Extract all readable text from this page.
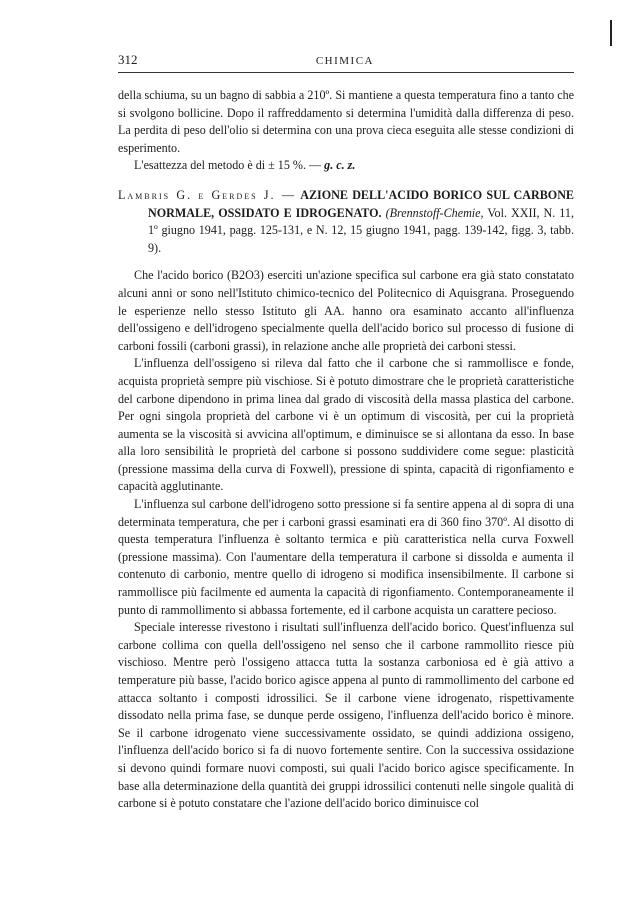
312	CHIMICA

della schiuma, su un bagno di sabbia a 210º. Si mantiene a questa temperatura fino a tanto che si svolgono bollicine. Dopo il raffreddamento si determina l'umidità dalla differenza di peso. La perdita di peso dell'olio si determina con una prova cieca eseguita alle stesse condizioni di esperimento.

L'esattezza del metodo è di ± 15 %. — g. c. z.

Lambris G. e Gerdes J. — AZIONE DELL'ACIDO BORICO SUL CARBONE NORMALE, OSSIDATO E IDROGENATO. (Brennstoff-Chemie, Vol. XXII, N. 11, 1º giugno 1941, pagg. 125-131, e N. 12, 15 giugno 1941, pagg. 139-142, figg. 3, tabb. 9).

Che l'acido borico (B2O3) eserciti un'azione specifica sul carbone era già stato constatato alcuni anni or sono nell'Istituto chimico-tecnico del Politecnico di Aquisgrana. Proseguendo le esperienze nello stesso Istituto gli AA. hanno ora esaminato accanto all'influenza dell'ossigeno e dell'idrogeno specialmente quella dell'acido borico sul processo di fusione di carboni fossili (carboni grassi), in relazione anche alle proprietà dei carboni stessi.

L'influenza dell'ossigeno si rileva dal fatto che il carbone che si rammollisce e fonde, acquista proprietà sempre più vischiose. Si è potuto dimostrare che le proprietà caratteristiche del carbone dipendono in prima linea dal grado di viscosità della massa plastica del carbone. Per ogni singola proprietà del carbone vi è un optimum di viscosità, per cui la proprietà aumenta se la viscosità si avvicina all'optimum, e diminuisce se si allontana da esso. In base alla loro sensibilità le proprietà del carbone si possono suddividere come segue: plasticità (pressione massima della curva di Foxwell), pressione di spinta, capacità di rigonfiamento e capacità agglutinante.

L'influenza sul carbone dell'idrogeno sotto pressione si fa sentire appena al di sopra di una determinata temperatura, che per i carboni grassi esaminati era di 360 fino 370º. Al disotto di questa temperatura l'influenza è soltanto termica e più caratteristica nella curva Foxwell (pressione massima). Con l'aumentare della temperatura il carbone si dissolda e aumenta il contenuto di carbonio, mentre quello di idrogeno si modifica insensibilmente. Il carbone si rammollisce più facilmente ed aumenta la capacità di rigonfiamento. Contemporaneamente il punto di rammollimento si abbassa fortemente, ed il carbone acquista un carattere pecioso.

Speciale interesse rivestono i risultati sull'influenza dell'acido borico. Quest'influenza sul carbone collima con quella dell'ossigeno nel senso che il carbone rammollito riesce più vischioso. Mentre però l'ossigeno attacca tutta la sostanza carboniosa ed è già attivo a temperature più basse, l'acido borico agisce appena al punto di rammollimento del carbone ed attacca soltanto i composti idrossilici. Se il carbone viene idrogenato, rispettivamente dissodato nella prima fase, se dunque perde ossigeno, l'influenza dell'acido borico è minore. Se il carbone idrogenato viene successivamente ossidato, se quindi addiziona ossigeno, l'influenza dell'acido borico si fa di nuovo fortemente sentire. Con la successiva ossidazione si devono quindi formare nuovi composti, sui quali l'acido borico agisce specificamente. In base alla determinazione della quantità dei gruppi idrossilici contenuti nelle singole qualità di carbone si è potuto constatare che l'azione dell'acido borico diminuisce col
